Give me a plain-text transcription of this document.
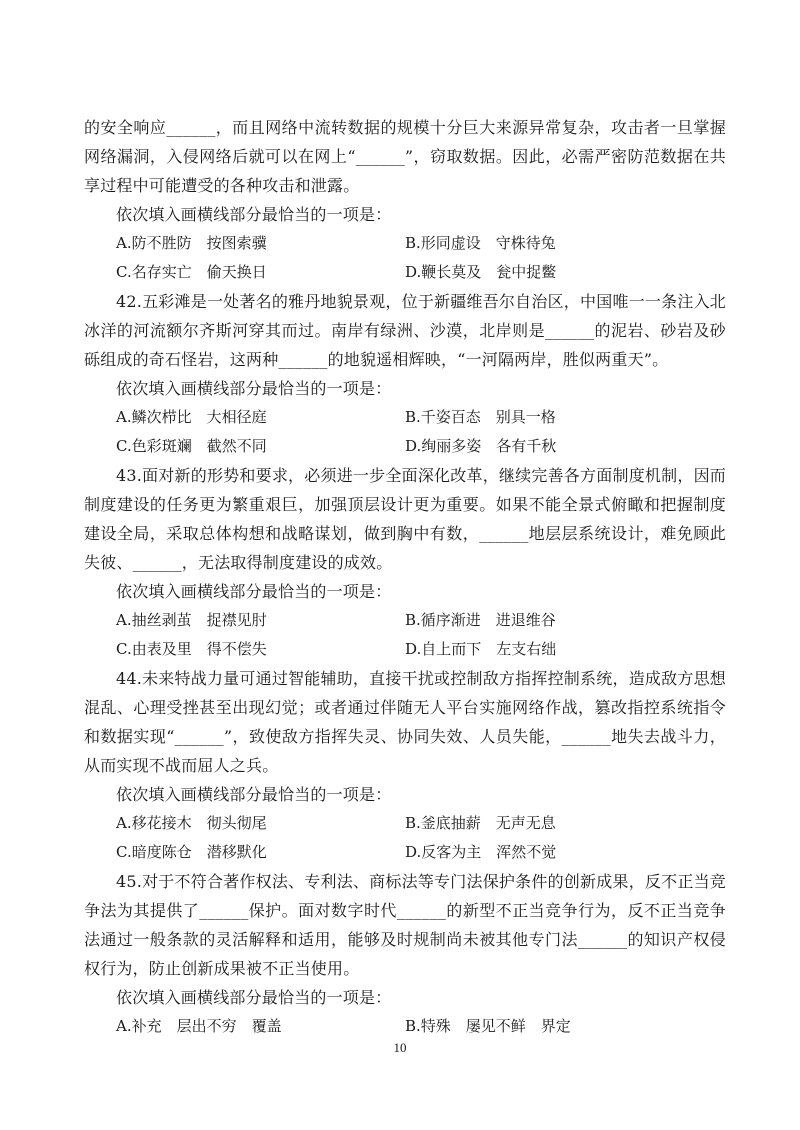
的安全响应______，而且网络中流转数据的规模十分巨大来源异常复杂，攻击者一旦掌握网络漏洞，入侵网络后就可以在网上“______”，窃取数据。因此，必需严密防范数据在共享过程中可能遭受的各种攻击和泄露。

依次填入画横线部分最恰当的一项是：

A.防不胜防　按图索骥	B.形同虚设　守株待兔
C.名存实亡　偷天换日	D.鞭长莫及　瓮中捉鳖

42.五彩滩是一处著名的雅丹地貌景观，位于新疆维吾尔自治区，中国唯一一条注入北冰洋的河流额尔齐斯河穿其而过。南岸有绿洲、沙漠，北岸则是______的泥岩、砂岩及砂砾组成的奇石怪岩，这两种______的地貌遥相辉映，“一河隔两岸，胜似两重天”。

依次填入画横线部分最恰当的一项是：

A.鳞次栉比　大相径庭	B.千姿百态　别具一格
C.色彩斑斓　截然不同	D.绚丽多姿　各有千秋

43.面对新的形势和要求，必须进一步全面深化改革，继续完善各方面制度机制，因而制度建设的任务更为繁重艰巨，加强顶层设计更为重要。如果不能全景式俯瞰和把握制度建设全局，采取总体构想和战略谋划，做到胸中有数，______地层层系统设计，难免顾此失彼、______，无法取得制度建设的成效。

依次填入画横线部分最恰当的一项是：

A.抽丝剥茧　捉襟见肘	B.循序渐进　进退维谷
C.由表及里　得不偿失	D.自上而下　左支右绌

44.未来特战力量可通过智能辅助，直接干扰或控制敌方指挥控制系统，造成敌方思想混乱、心理受挫甚至出现幻觉；或者通过伴随无人平台实施网络作战，篡改指控系统指令和数据实现“______”，致使敌方指挥失灵、协同失效、人员失能，______地失去战斗力，从而实现不战而屈人之兵。

依次填入画横线部分最恰当的一项是：

A.移花接木　彻头彻尾	B.釜底抽薪　无声无息
C.暗度陈仓　潜移默化	D.反客为主　浑然不觉

45.对于不符合著作权法、专利法、商标法等专门法保护条件的创新成果，反不正当竞争法为其提供了______保护。面对数字时代______的新型不正当竞争行为，反不正当竞争法通过一般条款的灵活解释和适用，能够及时规制尚未被其他专门法______的知识产权侵权行为，防止创新成果被不正当使用。

依次填入画横线部分最恰当的一项是：

A.补充　层出不穷　覆盖	B.特殊　屡见不鲜　界定
10
